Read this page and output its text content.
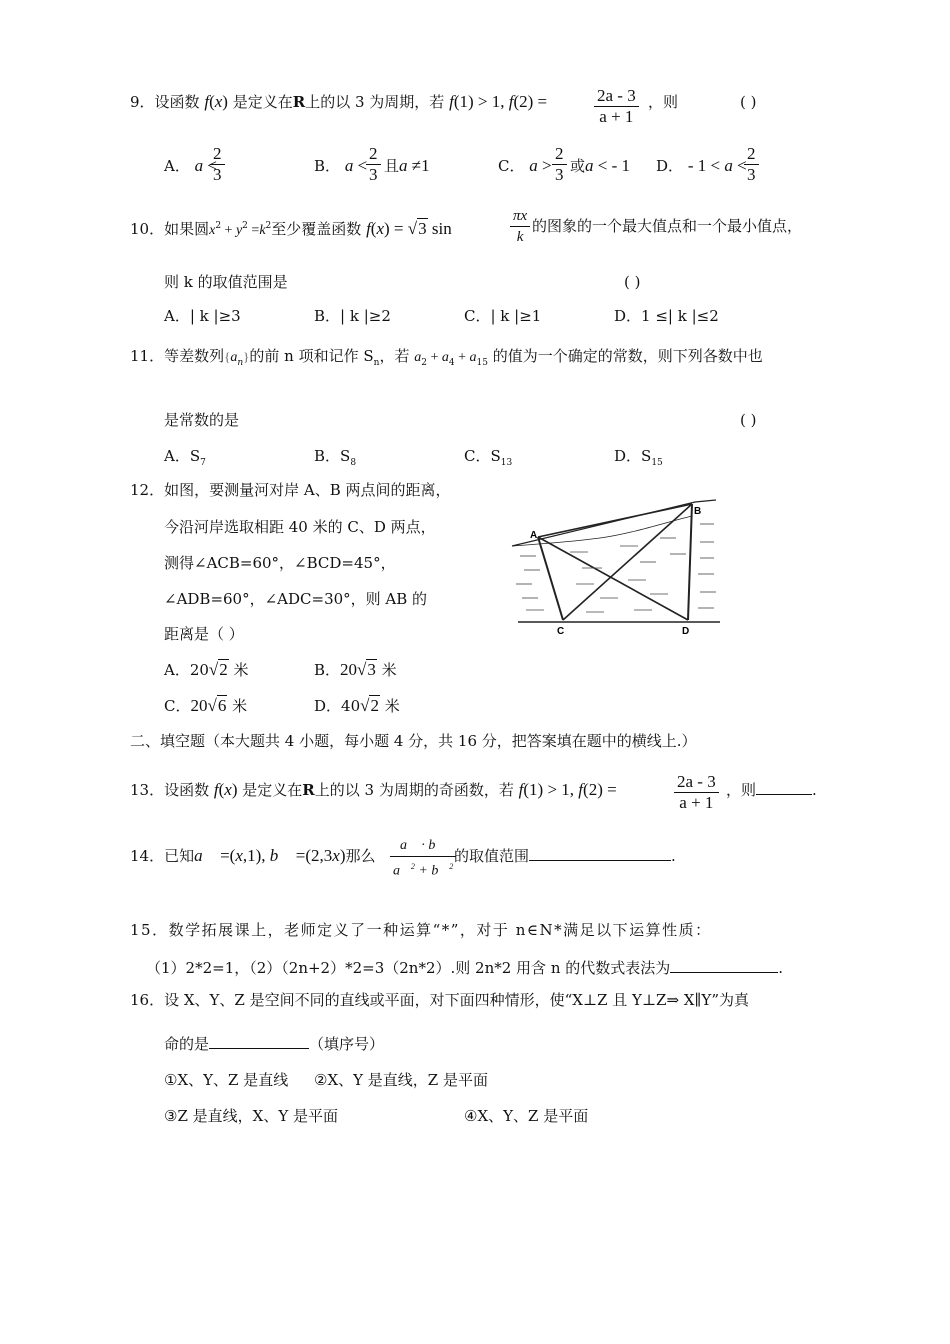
9．设函数 f(x) 是定义在R上的以 3 为周期，若 f(1) > 1, f(2) =	$\frac{2a - 3}{a + 1}$ ，则	( )
A． a <
$\frac{2}{3}$	B． a <
$\frac{2}{3}$ 且a ≠1	C． $a > \frac{2}{3}$ 或a < - 1 D． - 1 < a <
$\frac{2}{3}$
10．如果圆$x^2 + y^2 =k^2$至少覆盖函数 f(x) = √3 sin	$\frac{\pi x}{k}$ 的图象的一个最大值点和一个最小值点，
则 k 的取值范围是	( )
A．| k |≥3	B．| k |≥2	C．| k |≥1	D．1 ≤| k |≤2
11．等差数列$\{a_n\}$的前 n 项和记作 $S_n$，若 $a_2 + a_4 + a_{15}$ 的值为一个确定的常数，则下列各数中也
是常数的是	( )
A．$S_7$	B．$S_8$	C．$S_{13}$	D．$S_{15}$
12．如图，要测量河对岸 A、B 两点间的距离，
今沿河岸选取相距 40 米的 C、D 两点，
测得∠ACB=60°，∠BCD=45°，
∠ADB=60°，∠ADC=30°，则 AB 的
距离是（ ）
A．20√2 米	B．20√3 米
C．20√6 米	D．40√2 米
A
B
C	D
二、填空题（本大题共 4 小题，每小题 4 分，共 16 分，把答案填在题中的横线上.）
13．设函数 f(x) 是定义在R上的以 3 为周期的奇函数，若 f(1) > 1, f(2) =	$\frac{2a - 3}{a + 1}$ ，则	.
14．已知a⃗ =(x,1), b⃗ =(2,3x)那么 $\frac{a⃗ \cdot b⃗}{a⃗^2 + b⃗^2}$
的取值范围	.
15．数学拓展课上，老师定义了一种运算“*”，对于 n∈N*满足以下运算性质：
（1）2*2=1，（2）（2n+2）*2=3（2n*2）.则 2n*2 用含 n 的代数式表法为	.
16．设 X、Y、Z 是空间不同的直线或平面，对下面四种情形，使“X⊥Z 且 Y⊥Z⇒ X∥Y”为真
命的是	（填序号）
①X、Y、Z 是直线 ②X、Y 是直线，Z 是平面
③Z 是直线，X、Y 是平面	④X、Y、Z 是平面
